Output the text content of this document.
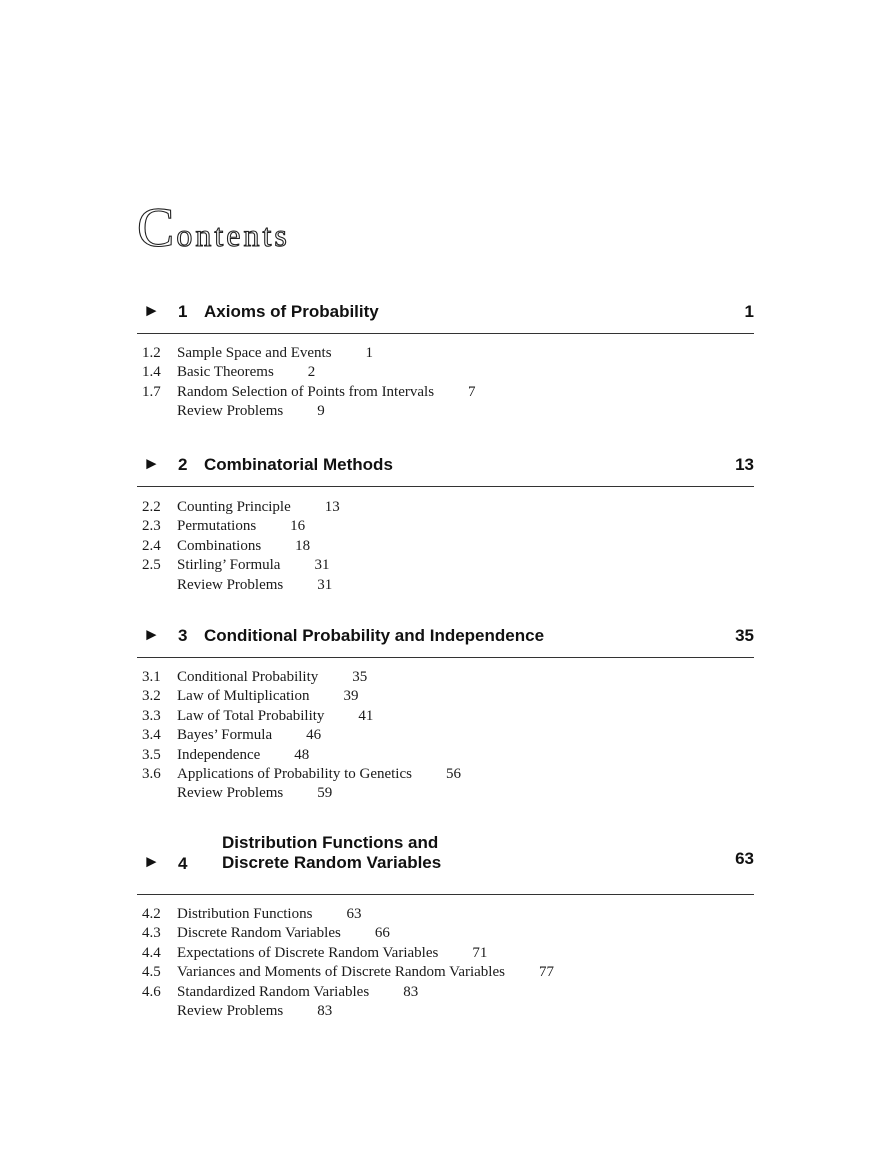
Contents
► 1 Axioms of Probability	1
1.2 Sample Space and Events 1
1.4 Basic Theorems 2
1.7 Random Selection of Points from Intervals 7
Review Problems 9
► 2 Combinatorial Methods	13
2.2 Counting Principle 13
2.3 Permutations 16
2.4 Combinations 18
2.5 Stirling’ Formula 31
Review Problems 31
► 3 Conditional Probability and Independence	35
3.1 Conditional Probability 35
3.2 Law of Multiplication 39
3.3 Law of Total Probability 41
3.4 Bayes’ Formula 46
3.5 Independence 48
3.6 Applications of Probability to Genetics 56
Review Problems 59
► 4
Distribution Functions and
Discrete Random Variables	63
4.2 Distribution Functions 63
4.3 Discrete Random Variables 66
4.4 Expectations of Discrete Random Variables 71
4.5 Variances and Moments of Discrete Random Variables 77
4.6 Standardized Random Variables 83
Review Problems 83
